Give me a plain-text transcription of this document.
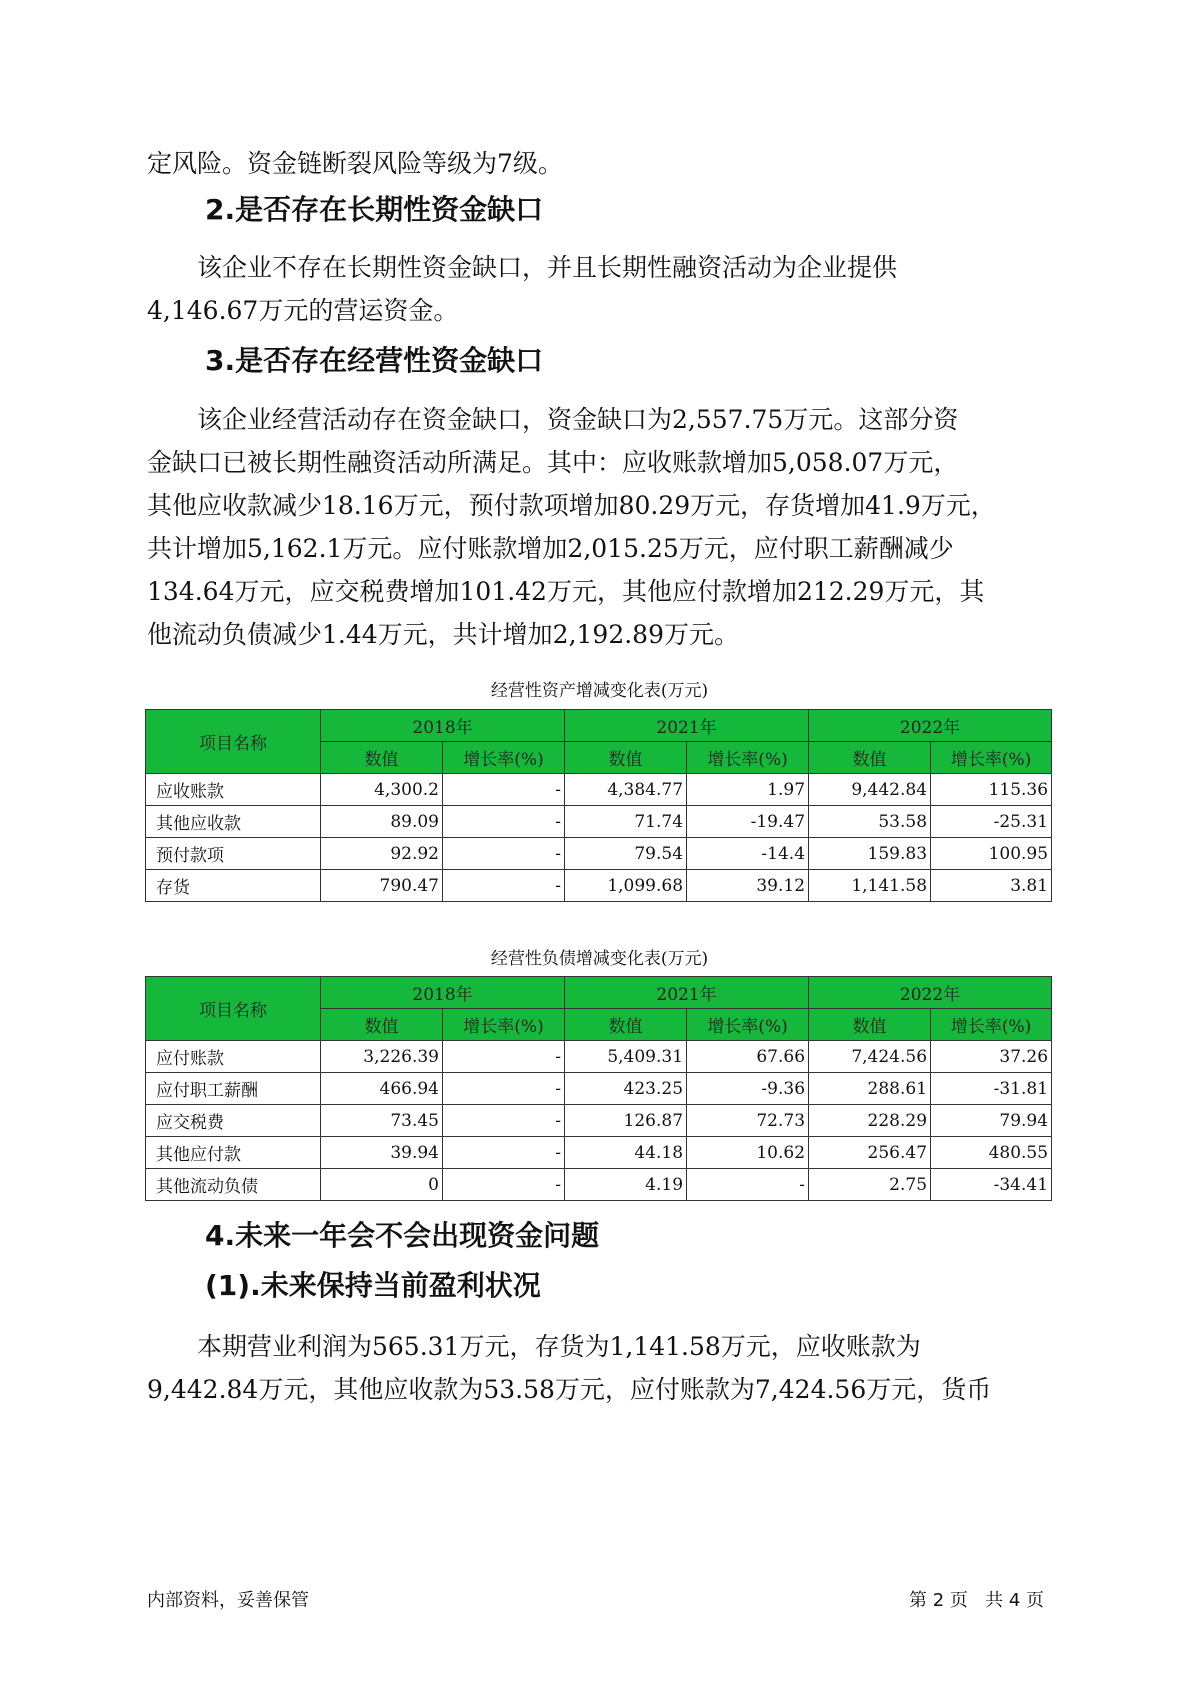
定风险。资金链断裂风险等级为7级。

2.是否存在长期性资金缺口

该企业不存在长期性资金缺口，并且长期性融资活动为企业提供
4,146.67万元的营运资金。

3.是否存在经营性资金缺口

该企业经营活动存在资金缺口，资金缺口为2,557.75万元。这部分资
金缺口已被长期性融资活动所满足。其中：应收账款增加5,058.07万元，
其他应收款减少18.16万元，预付款项增加80.29万元，存货增加41.9万元，
共计增加5,162.1万元。应付账款增加2,015.25万元，应付职工薪酬减少
134.64万元，应交税费增加101.42万元，其他应付款增加212.29万元，其
他流动负债减少1.44万元，共计增加2,192.89万元。

经营性资产增减变化表(万元)
项目名称	2018年		2021年		2022年	
	数值	增长率(%)	数值	增长率(%)	数值	增长率(%)
应收账款	4,300.2	-	4,384.77	1.97	9,442.84	115.36
其他应收款	89.09	-	71.74	-19.47	53.58	-25.31
预付款项	92.92	-	79.54	-14.4	159.83	100.95
存货	790.47	-	1,099.68	39.12	1,141.58	3.81
经营性负债增减变化表(万元)
项目名称	2018年		2021年		2022年	
	数值	增长率(%)	数值	增长率(%)	数值	增长率(%)
应付账款	3,226.39	-	5,409.31	67.66	7,424.56	37.26
应付职工薪酬	466.94	-	423.25	-9.36	288.61	-31.81
应交税费	73.45	-	126.87	72.73	228.29	79.94
其他应付款	39.94	-	44.18	10.62	256.47	480.55
其他流动负债	0	-	4.19	-	2.75	-34.41
4.未来一年会不会出现资金问题
(1).未来保持当前盈利状况

本期营业利润为565.31万元，存货为1,141.58万元，应收账款为
9,442.84万元，其他应收款为53.58万元，应付账款为7,424.56万元，货币

内部资料，妥善保管	第 2 页   共 4 页
